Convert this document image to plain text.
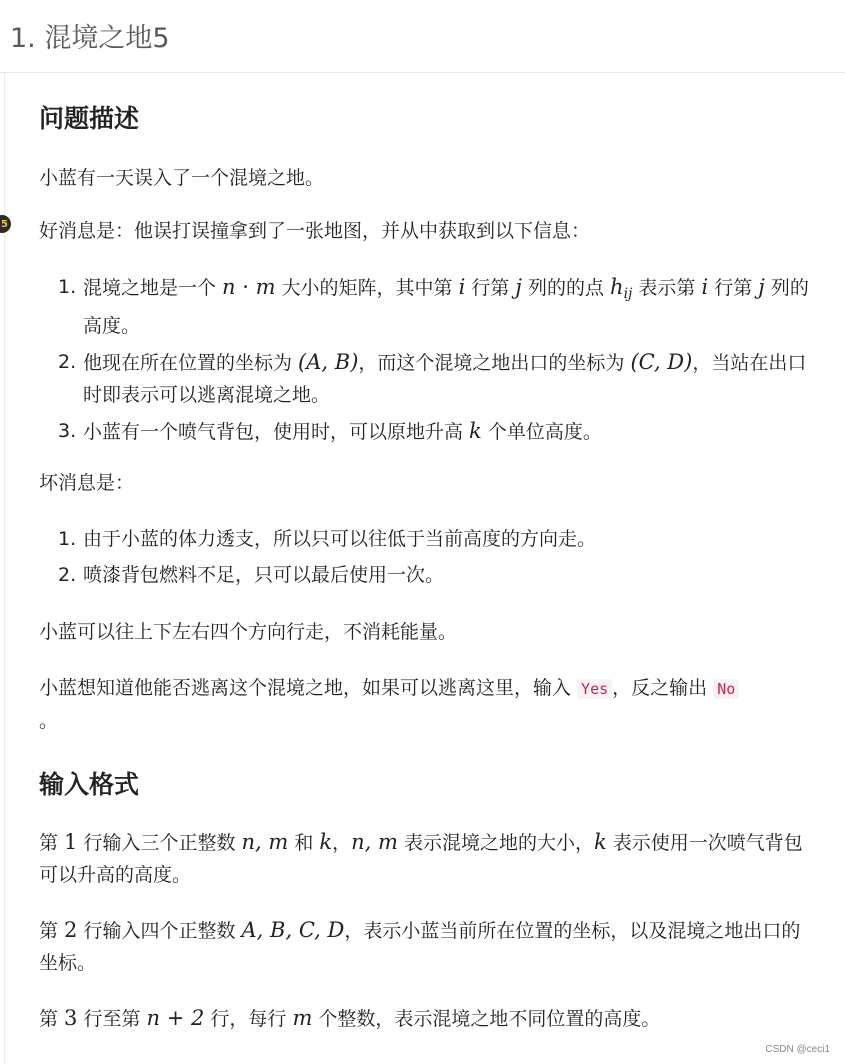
1. 混境之地5
5
问题描述

小蓝有一天误入了一个混境之地。

好消息是：他误打误撞拿到了一张地图，并从中获取到以下信息：

1. 混境之地是一个 n · m 大小的矩阵，其中第 i 行第 j 列的的点 $h_{ij}$ 表示第 i 行第 j 列的高度。
2. 他现在所在位置的坐标为 (A, B)，而这个混境之地出口的坐标为 (C, D)，当站在出口时即表示可以逃离混境之地。
3. 小蓝有一个喷气背包，使用时，可以原地升高 k 个单位高度。

坏消息是：

1. 由于小蓝的体力透支，所以只可以往低于当前高度的方向走。
2. 喷漆背包燃料不足，只可以最后使用一次。

小蓝可以往上下左右四个方向行走，不消耗能量。

小蓝想知道他能否逃离这个混境之地，如果可以逃离这里，输入 Yes ，反之输出 No
。

输入格式

第 1 行输入三个正整数 n, m 和 k，n, m 表示混境之地的大小，k 表示使用一次喷气背包可以升高的高度。

第 2 行输入四个正整数 A, B, C, D，表示小蓝当前所在位置的坐标，以及混境之地出口的坐标。

第 3 行至第 n + 2 行，每行 m 个整数，表示混境之地不同位置的高度。

CSDN @ceci1
